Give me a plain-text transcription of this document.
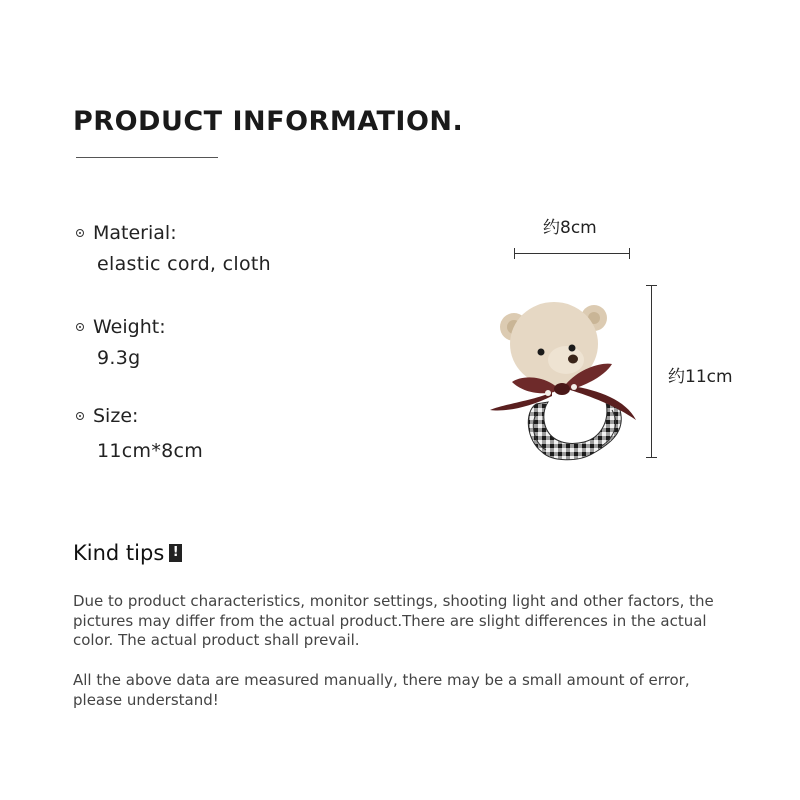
PRODUCT INFORMATION.
Material:
elastic cord, cloth
Weight:
9.3g
Size:
11cm*8cm
约8cm
约11cm
Kind tips !
Due to product characteristics, monitor settings, shooting light and other factors, the pictures may differ from the actual product.There are slight differences in the actual color. The actual product shall prevail.
All the above data are measured manually, there may be a small amount of error, please understand!
